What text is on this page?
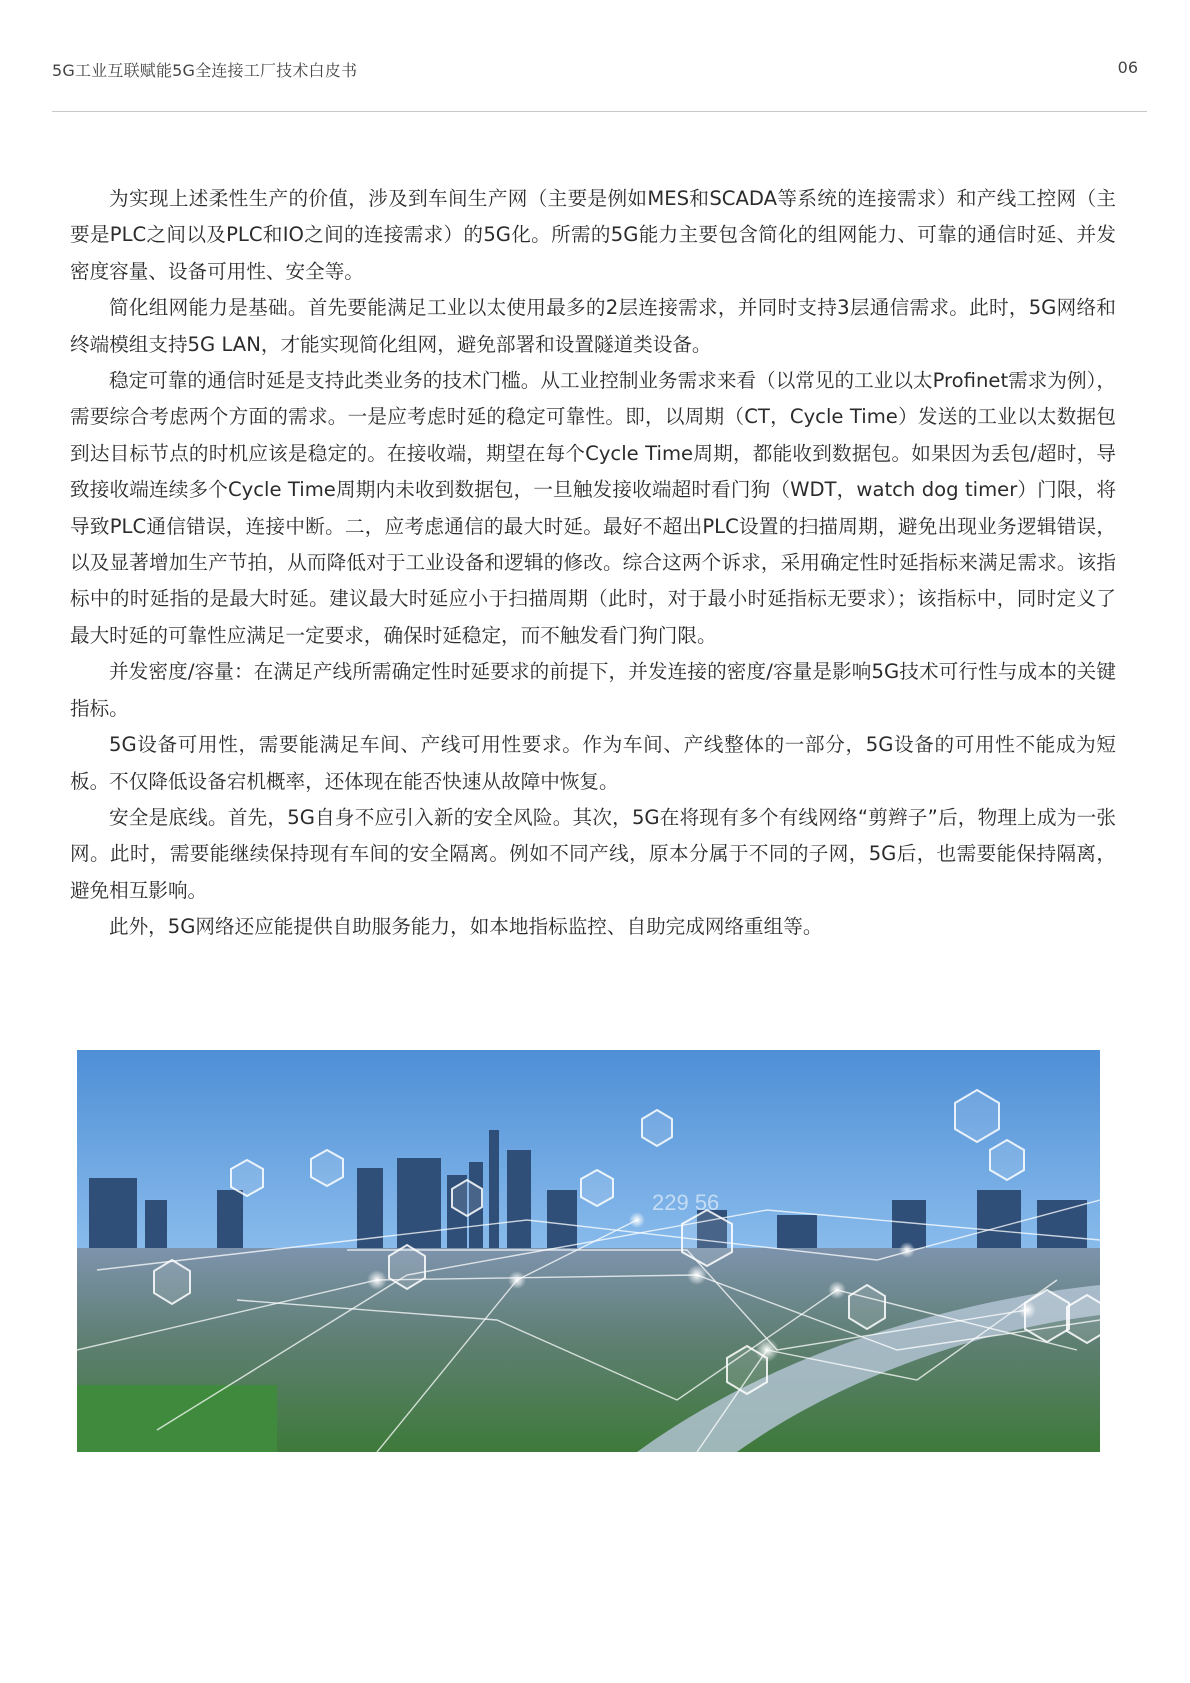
5G工业互联赋能5G全连接工厂技术白皮书	06

为实现上述柔性生产的价值，涉及到车间生产网（主要是例如MES和SCADA等系统的连接需求）和产线工控网（主要是PLC之间以及PLC和IO之间的连接需求）的5G化。所需的5G能力主要包含简化的组网能力、可靠的通信时延、并发密度容量、设备可用性、安全等。

简化组网能力是基础。首先要能满足工业以太使用最多的2层连接需求，并同时支持3层通信需求。此时，5G网络和终端模组支持5G LAN，才能实现简化组网，避免部署和设置隧道类设备。

稳定可靠的通信时延是支持此类业务的技术门槛。从工业控制业务需求来看（以常见的工业以太Profinet需求为例），需要综合考虑两个方面的需求。一是应考虑时延的稳定可靠性。即，以周期（CT，Cycle Time）发送的工业以太数据包到达目标节点的时机应该是稳定的。在接收端，期望在每个Cycle Time周期，都能收到数据包。如果因为丢包/超时，导致接收端连续多个Cycle Time周期内未收到数据包，一旦触发接收端超时看门狗（WDT，watch dog timer）门限，将导致PLC通信错误，连接中断。二，应考虑通信的最大时延。最好不超出PLC设置的扫描周期，避免出现业务逻辑错误，以及显著增加生产节拍，从而降低对于工业设备和逻辑的修改。综合这两个诉求，采用确定性时延指标来满足需求。该指标中的时延指的是最大时延。建议最大时延应小于扫描周期（此时，对于最小时延指标无要求）；该指标中，同时定义了最大时延的可靠性应满足一定要求，确保时延稳定，而不触发看门狗门限。

并发密度/容量：在满足产线所需确定性时延要求的前提下，并发连接的密度/容量是影响5G技术可行性与成本的关键指标。

5G设备可用性，需要能满足车间、产线可用性要求。作为车间、产线整体的一部分，5G设备的可用性不能成为短板。不仅降低设备宕机概率，还体现在能否快速从故障中恢复。

安全是底线。首先，5G自身不应引入新的安全风险。其次，5G在将现有多个有线网络“剪辫子”后，物理上成为一张网。此时，需要能继续保持现有车间的安全隔离。例如不同产线，原本分属于不同的子网，5G后，也需要能保持隔离，避免相互影响。

此外，5G网络还应能提供自助服务能力，如本地指标监控、自助完成网络重组等。

229 56
